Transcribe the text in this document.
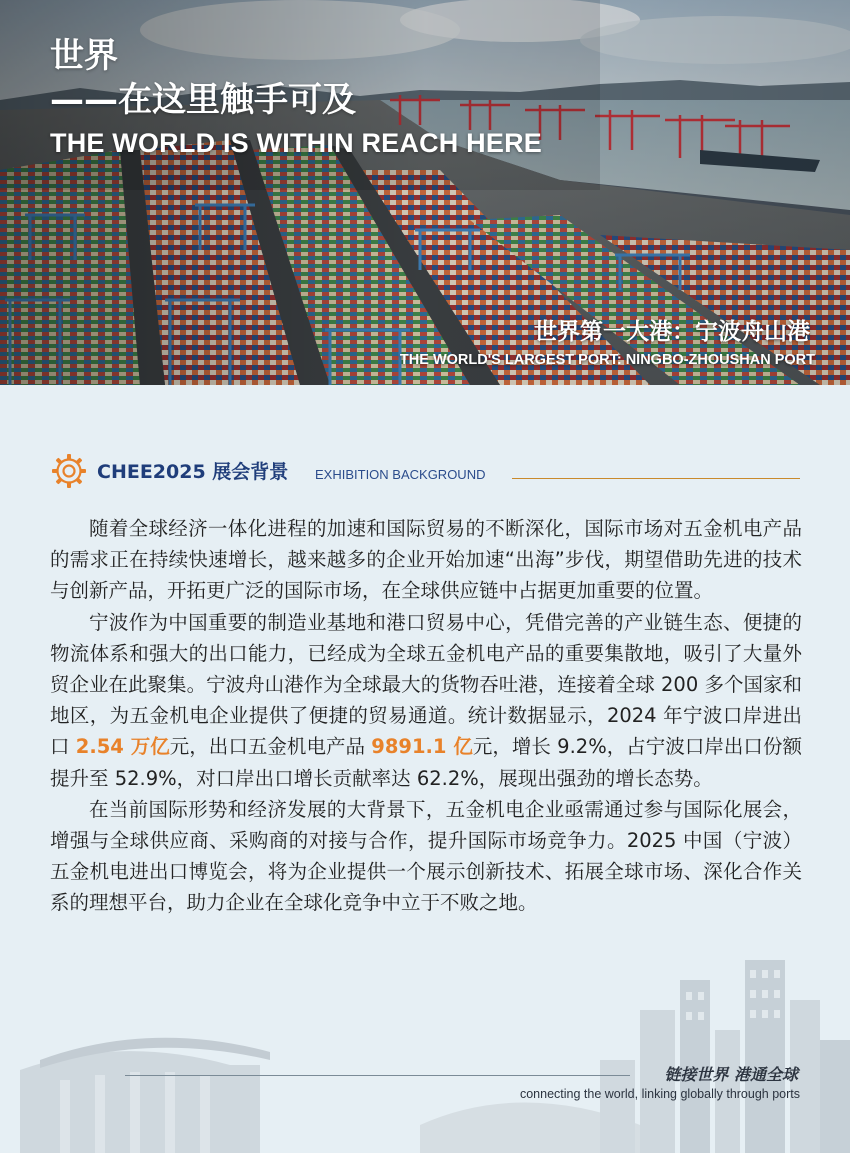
世界
——在这里触手可及
THE WORLD IS WITHIN REACH HERE
世界第一大港：宁波舟山港
THE WORLD'S LARGEST PORT: NINGBO-ZHOUSHAN PORT
CHEE2025 展会背景 EXHIBITION BACKGROUND

随着全球经济一体化进程的加速和国际贸易的不断深化，国际市场对五金机电产品的需求正在持续快速增长，越来越多的企业开始加速“出海”步伐，期望借助先进的技术与创新产品，开拓更广泛的国际市场，在全球供应链中占据更加重要的位置。

宁波作为中国重要的制造业基地和港口贸易中心，凭借完善的产业链生态、便捷的物流体系和强大的出口能力，已经成为全球五金机电产品的重要集散地，吸引了大量外贸企业在此聚集。宁波舟山港作为全球最大的货物吞吐港，连接着全球 200 多个国家和地区，为五金机电企业提供了便捷的贸易通道。统计数据显示，2024 年宁波口岸进出口 2.54 万亿元，出口五金机电产品 9891.1 亿元，增长 9.2%，占宁波口岸出口份额提升至 52.9%，对口岸出口增长贡献率达 62.2%，展现出强劲的增长态势。

在当前国际形势和经济发展的大背景下，五金机电企业亟需通过参与国际化展会，增强与全球供应商、采购商的对接与合作，提升国际市场竞争力。2025 中国（宁波）五金机电进出口博览会，将为企业提供一个展示创新技术、拓展全球市场、深化合作关系的理想平台，助力企业在全球化竞争中立于不败之地。

链接世界 港通全球
connecting the world, linking globally through ports
